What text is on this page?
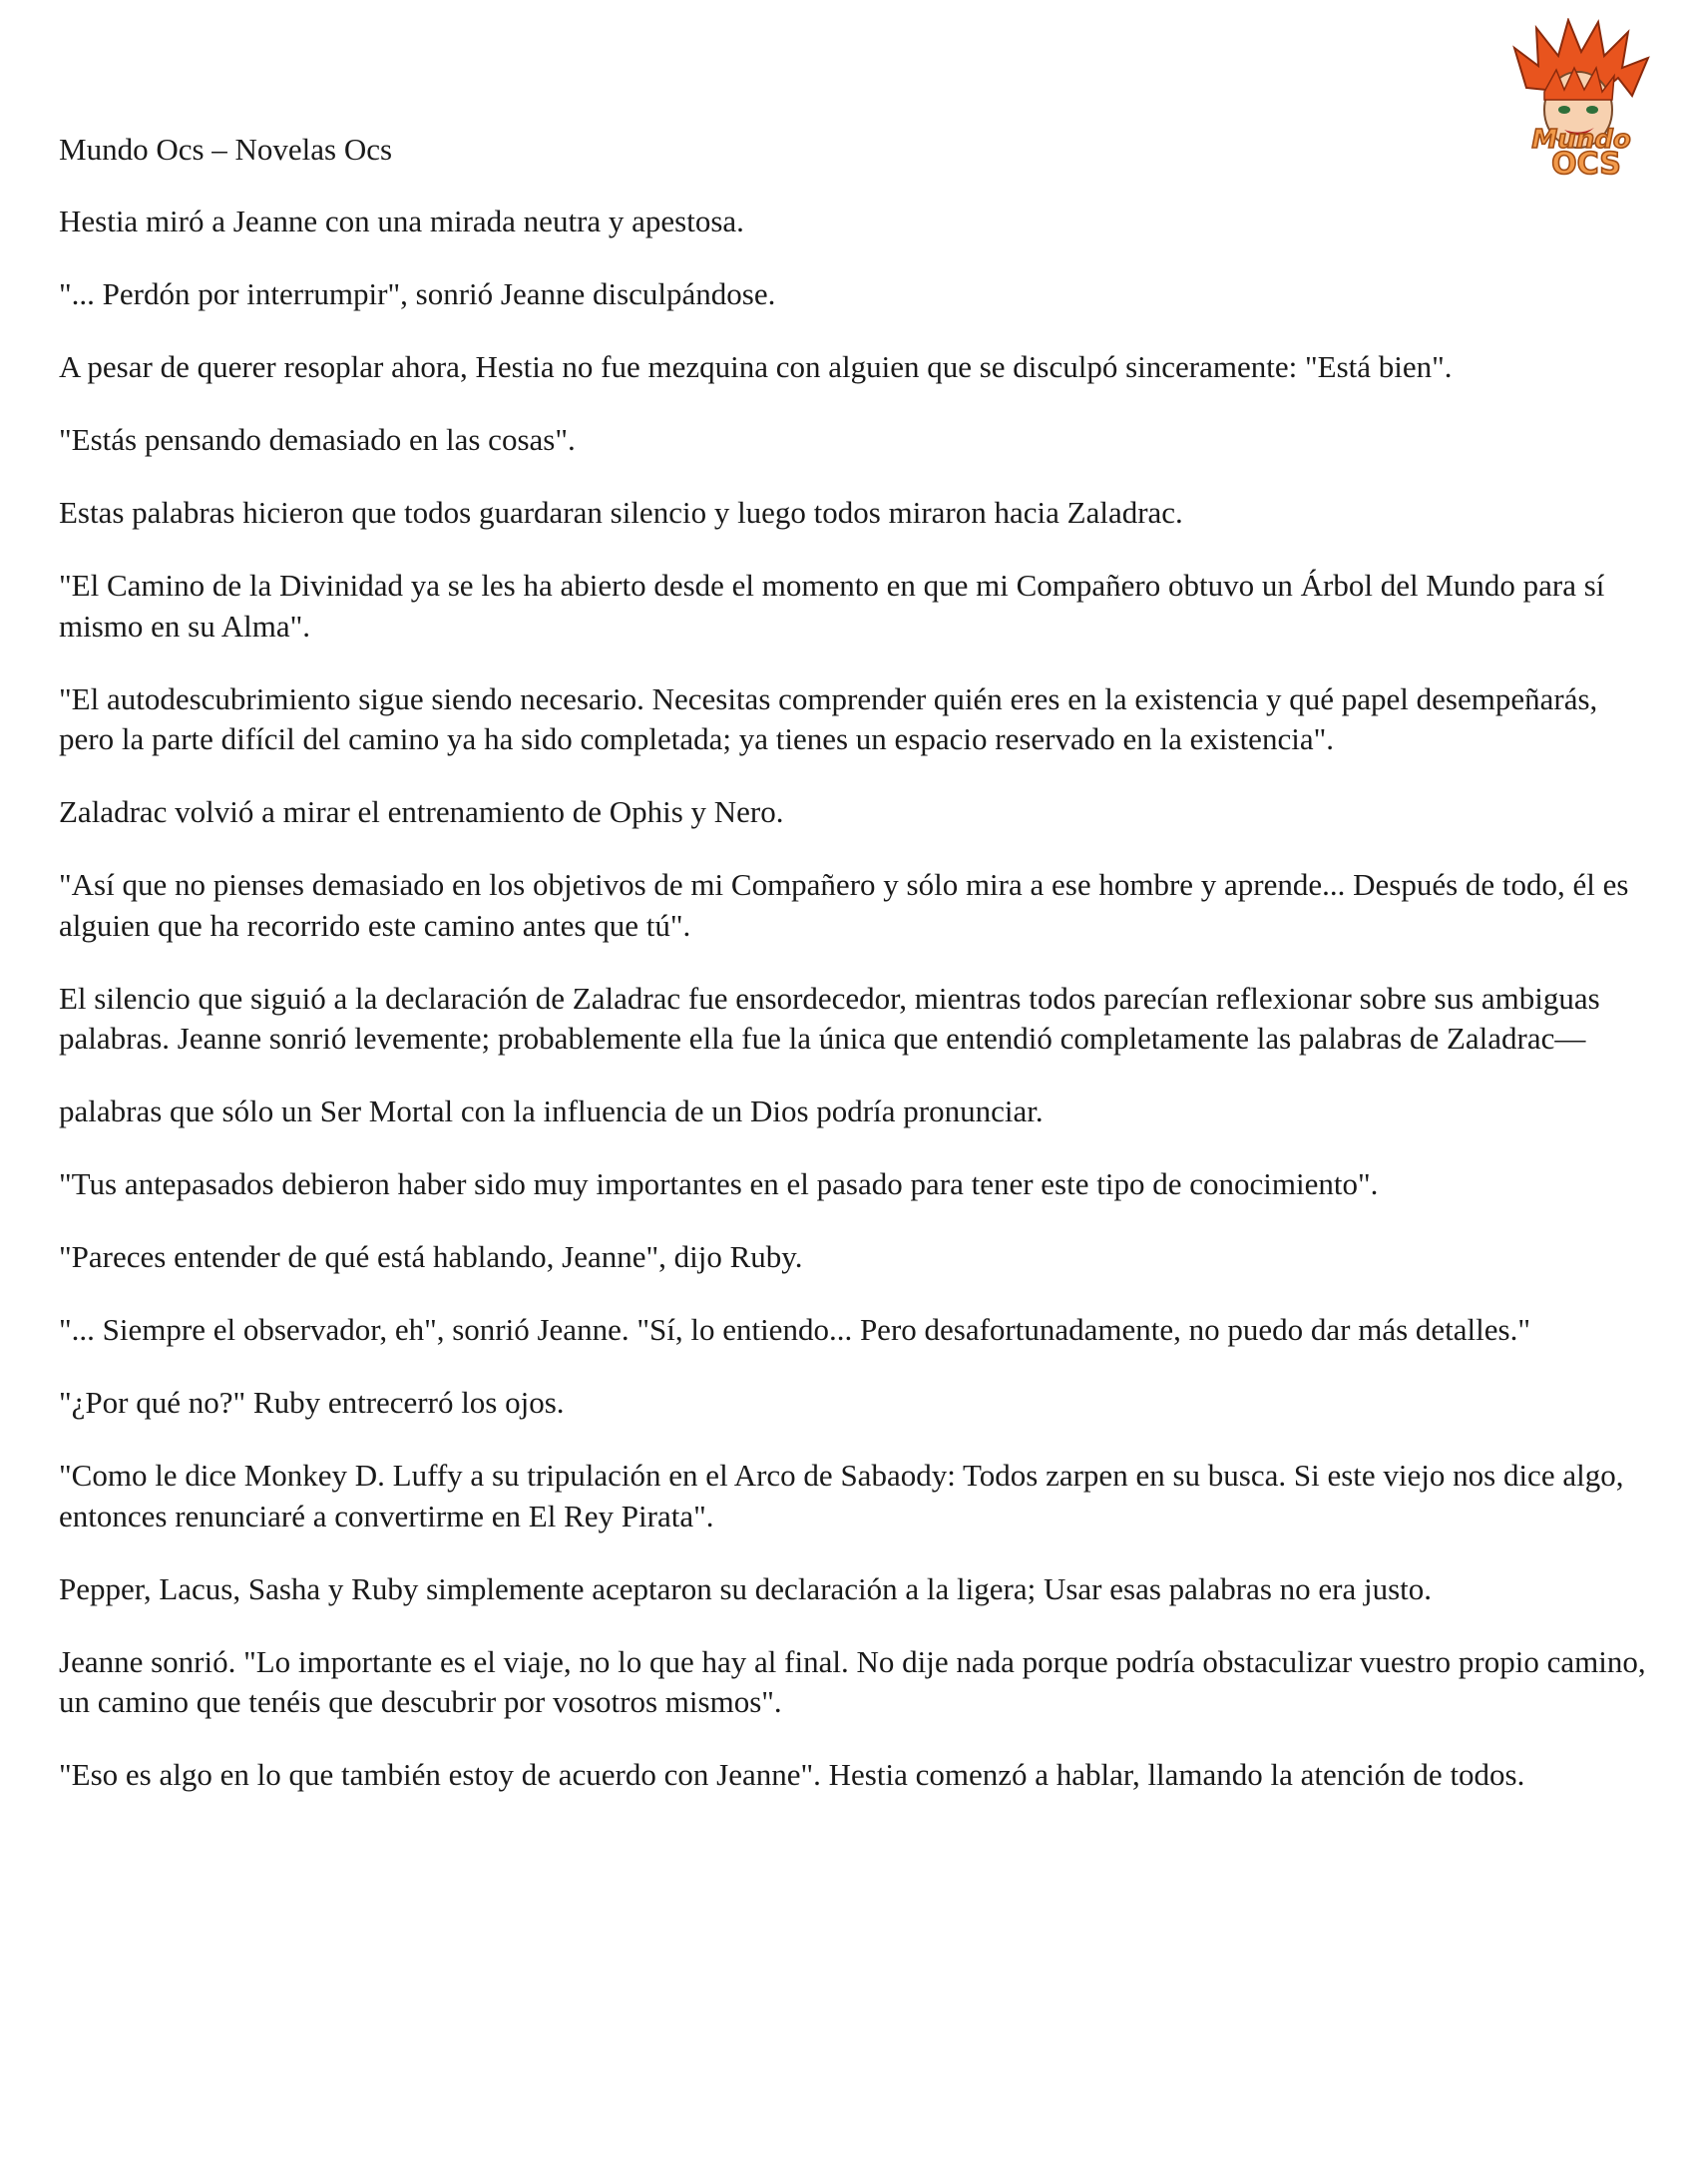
Mundo
OCS
Mundo Ocs – Novelas Ocs

Hestia miró a Jeanne con una mirada neutra y apestosa.

"... Perdón por interrumpir", sonrió Jeanne disculpándose.

A pesar de querer resoplar ahora, Hestia no fue mezquina con alguien que se disculpó sinceramente: "Está bien".

"Estás pensando demasiado en las cosas".

Estas palabras hicieron que todos guardaran silencio y luego todos miraron hacia Zaladrac.

"El Camino de la Divinidad ya se les ha abierto desde el momento en que mi Compañero obtuvo un Árbol del Mundo para sí mismo en su Alma".

"El autodescubrimiento sigue siendo necesario. Necesitas comprender quién eres en la existencia y qué papel desempeñarás, pero la parte difícil del camino ya ha sido completada; ya tienes un espacio reservado en la existencia".

Zaladrac volvió a mirar el entrenamiento de Ophis y Nero.

"Así que no pienses demasiado en los objetivos de mi Compañero y sólo mira a ese hombre y aprende... Después de todo, él es alguien que ha recorrido este camino antes que tú".

El silencio que siguió a la declaración de Zaladrac fue ensordecedor, mientras todos parecían reflexionar sobre sus ambiguas palabras. Jeanne sonrió levemente; probablemente ella fue la única que entendió completamente las palabras de Zaladrac—

palabras que sólo un Ser Mortal con la influencia de un Dios podría pronunciar.

"Tus antepasados debieron haber sido muy importantes en el pasado para tener este tipo de conocimiento".

"Pareces entender de qué está hablando, Jeanne", dijo Ruby.

"... Siempre el observador, eh", sonrió Jeanne. "Sí, lo entiendo... Pero desafortunadamente, no puedo dar más detalles."

"¿Por qué no?" Ruby entrecerró los ojos.

"Como le dice Monkey D. Luffy a su tripulación en el Arco de Sabaody: Todos zarpen en su busca. Si este viejo nos dice algo, entonces renunciaré a convertirme en El Rey Pirata".

Pepper, Lacus, Sasha y Ruby simplemente aceptaron su declaración a la ligera; Usar esas palabras no era justo.

Jeanne sonrió. "Lo importante es el viaje, no lo que hay al final. No dije nada porque podría obstaculizar vuestro propio camino, un camino que tenéis que descubrir por vosotros mismos".

"Eso es algo en lo que también estoy de acuerdo con Jeanne". Hestia comenzó a hablar, llamando la atención de todos.
